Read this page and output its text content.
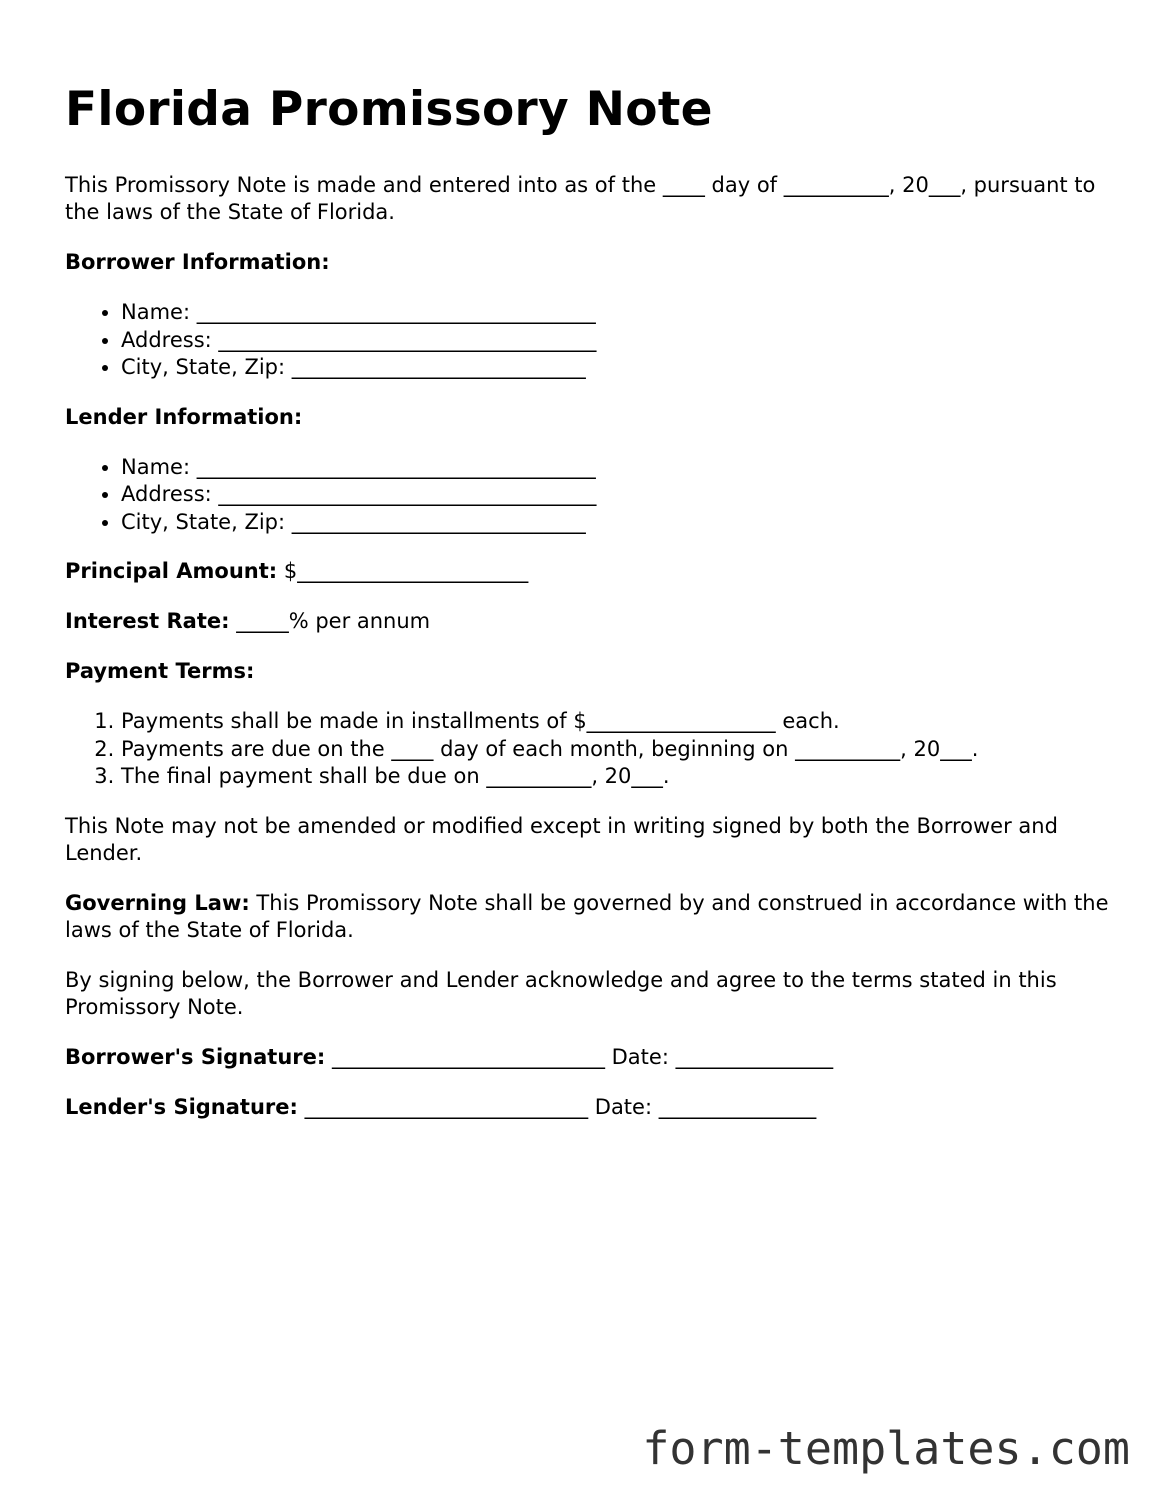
Florida Promissory Note

This Promissory Note is made and entered into as of the ____ day of __________, 20___, pursuant to the laws of the State of Florida.

Borrower Information:

• Name: ______________________________________
• Address: ____________________________________
• City, State, Zip: ____________________________

Lender Information:

• Name: ______________________________________
• Address: ____________________________________
• City, State, Zip: ____________________________

Principal Amount: $______________________

Interest Rate: _____% per annum

Payment Terms:

1. Payments shall be made in installments of $__________________ each.
2. Payments are due on the ____ day of each month, beginning on __________, 20___.
3. The final payment shall be due on __________, 20___.

This Note may not be amended or modified except in writing signed by both the Borrower and Lender.

Governing Law: This Promissory Note shall be governed by and construed in accordance with the laws of the State of Florida.

By signing below, the Borrower and Lender acknowledge and agree to the terms stated in this Promissory Note.

Borrower's Signature: __________________________ Date: _______________

Lender's Signature: ___________________________ Date: _______________

form-templates.com
